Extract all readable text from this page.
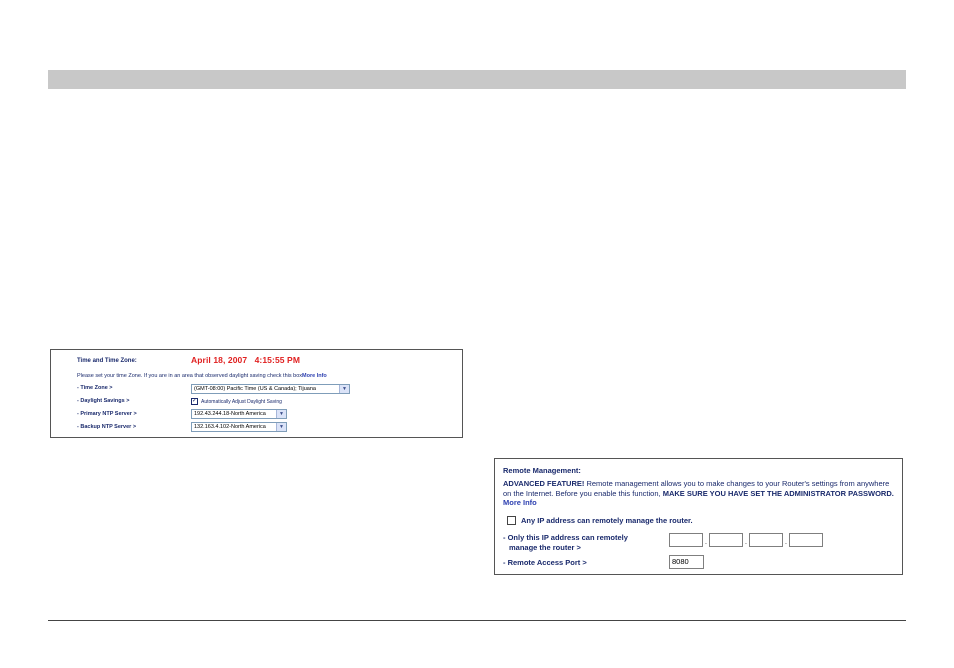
Time and Time Zone:	April 18, 2007   4:15:55 PM
Please set your time Zone. If you are in an area that observed daylight saving check this boxMore Info
- Time Zone >	(GMT-08:00) Pacific Time (US & Canada); Tijuana	▼
- Daylight Savings >	✓ Automatically Adjust Daylight Saving
- Primary NTP Server >	192.43.244.18-North America	▼
- Backup NTP Server >	132.163.4.102-North America	▼
Remote Management:
ADVANCED FEATURE! Remote management allows you to make changes to your Router's settings from anywhere on the Internet. Before you enable this function, MAKE SURE YOU HAVE SET THE ADMINISTRATOR PASSWORD. More Info
Any IP address can remotely manage the router.
- Only this IP address can remotely
manage the router >	.	.	.
- Remote Access Port >	8080
